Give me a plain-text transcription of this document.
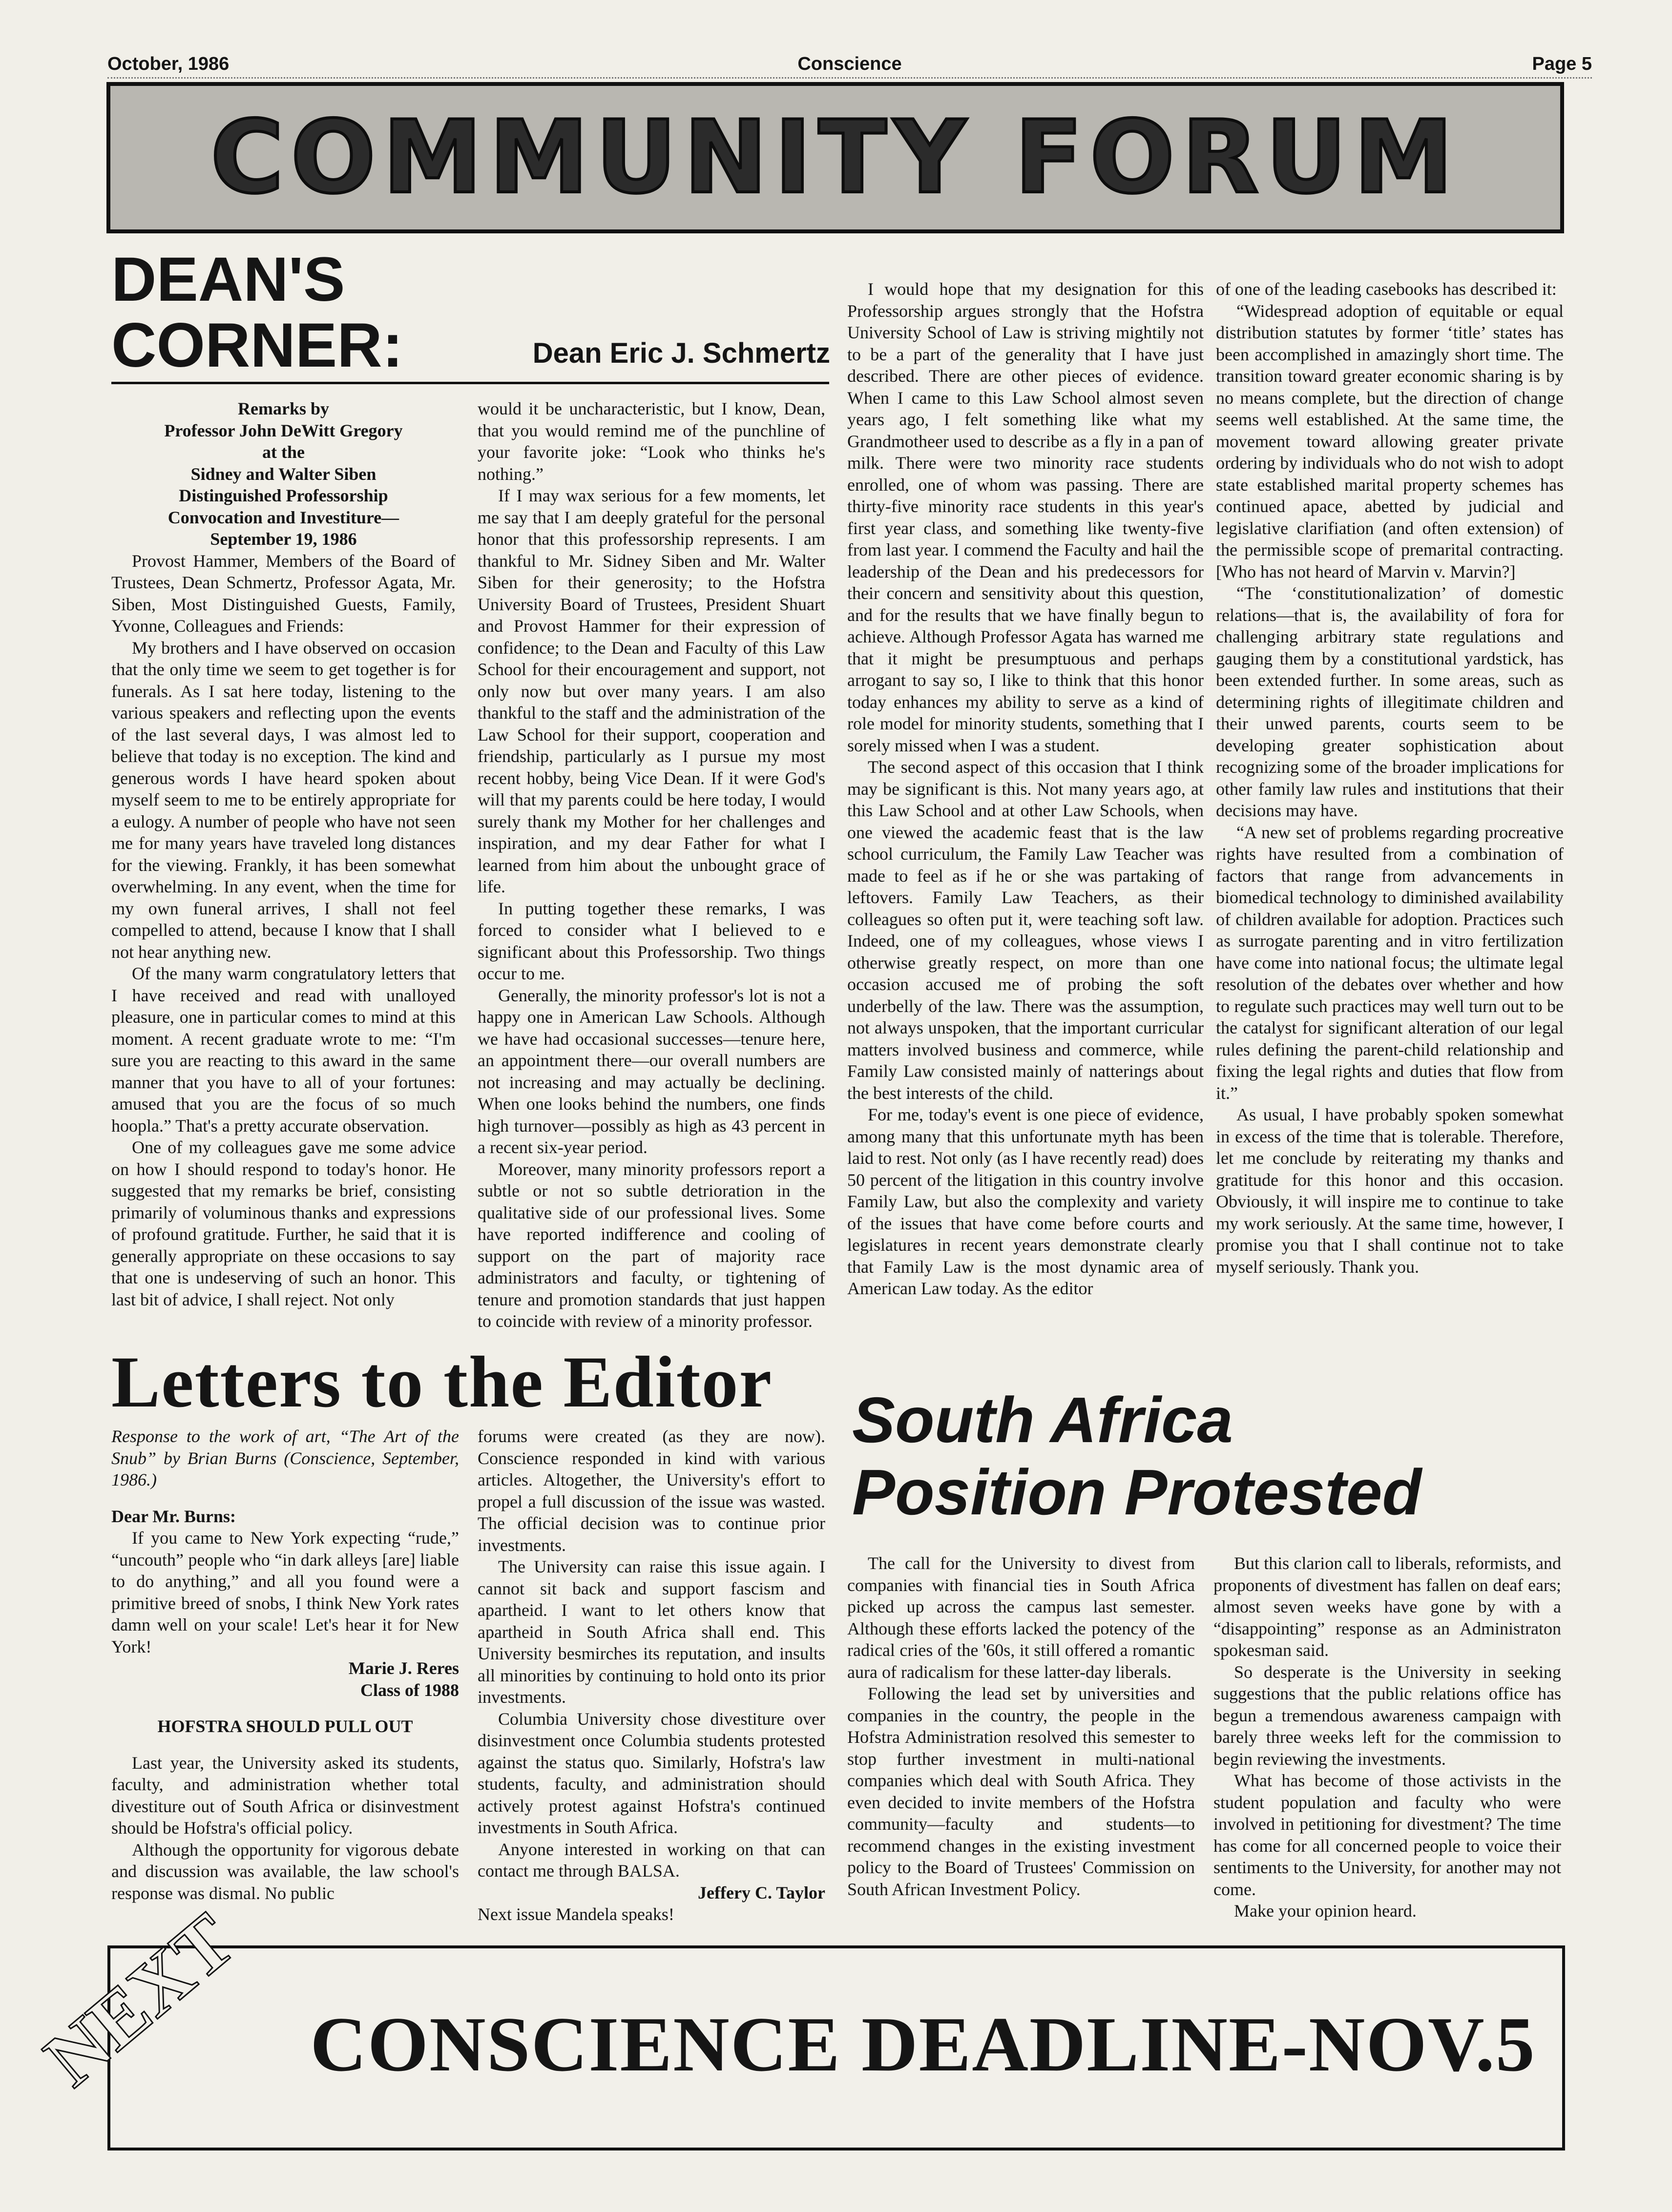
October, 1986	Conscience	Page 5
COMMUNITY FORUM
DEAN'S
CORNER:	Dean Eric J. Schmertz

Remarks by

Professor John DeWitt Gregory

at the

Sidney and Walter Siben

Distinguished Professorship

Convocation and Investiture—

September 19, 1986

Provost Hammer, Members of the Board of Trustees, Dean Schmertz, Professor Agata, Mr. Siben, Most Distinguished Guests, Family, Yvonne, Colleagues and Friends:

My brothers and I have observed on occasion that the only time we seem to get together is for funerals. As I sat here today, listening to the various speakers and reflecting upon the events of the last several days, I was almost led to believe that today is no exception. The kind and generous words I have heard spoken about myself seem to me to be entirely appropriate for a eulogy. A number of people who have not seen me for many years have traveled long distances for the viewing. Frankly, it has been somewhat overwhelming. In any event, when the time for my own funeral arrives, I shall not feel compelled to attend, because I know that I shall not hear anything new.

Of the many warm congratulatory letters that I have received and read with unalloyed pleasure, one in particular comes to mind at this moment. A recent graduate wrote to me: “I'm sure you are reacting to this award in the same manner that you have to all of your fortunes: amused that you are the focus of so much hoopla.” That's a pretty accurate observation.

One of my colleagues gave me some advice on how I should respond to today's honor. He suggested that my remarks be brief, consisting primarily of voluminous thanks and expressions of profound gratitude. Further, he said that it is generally appropriate on these occasions to say that one is undeserving of such an honor. This last bit of advice, I shall reject. Not only

would it be uncharacteristic, but I know, Dean, that you would remind me of the punchline of your favorite joke: “Look who thinks he's nothing.”

If I may wax serious for a few moments, let me say that I am deeply grateful for the personal honor that this professorship represents. I am thankful to Mr. Sidney Siben and Mr. Walter Siben for their generosity; to the Hofstra University Board of Trustees, President Shuart and Provost Hammer for their expression of confidence; to the Dean and Faculty of this Law School for their encouragement and support, not only now but over many years. I am also thankful to the staff and the administration of the Law School for their support, cooperation and friendship, particularly as I pursue my most recent hobby, being Vice Dean. If it were God's will that my parents could be here today, I would surely thank my Mother for her challenges and inspiration, and my dear Father for what I learned from him about the unbought grace of life.

In putting together these remarks, I was forced to consider what I believed to e significant about this Professorship. Two things occur to me.

Generally, the minority professor's lot is not a happy one in American Law Schools. Although we have had occasional successes—tenure here, an appointment there—our overall numbers are not increasing and may actually be declining. When one looks behind the numbers, one finds high turnover—possibly as high as 43 percent in a recent six-year period.

Moreover, many minority professors report a subtle or not so subtle detrioration in the qualitative side of our professional lives. Some have reported indifference and cooling of support on the part of majority race administrators and faculty, or tightening of tenure and promotion standards that just happen to coincide with review of a minority professor.

I would hope that my designation for this Professorship argues strongly that the Hofstra University School of Law is striving mightily not to be a part of the generality that I have just described. There are other pieces of evidence. When I came to this Law School almost seven years ago, I felt something like what my Grandmotheer used to describe as a fly in a pan of milk. There were two minority race students enrolled, one of whom was passing. There are thirty-five minority race students in this year's first year class, and something like twenty-five from last year. I commend the Faculty and hail the leadership of the Dean and his predecessors for their concern and sensitivity about this question, and for the results that we have finally begun to achieve. Although Professor Agata has warned me that it might be presumptuous and perhaps arrogant to say so, I like to think that this honor today enhances my ability to serve as a kind of role model for minority students, something that I sorely missed when I was a student.

The second aspect of this occasion that I think may be significant is this. Not many years ago, at this Law School and at other Law Schools, when one viewed the academic feast that is the law school curriculum, the Family Law Teacher was made to feel as if he or she was partaking of leftovers. Family Law Teachers, as their colleagues so often put it, were teaching soft law. Indeed, one of my colleagues, whose views I otherwise greatly respect, on more than one occasion accused me of probing the soft underbelly of the law. There was the assumption, not always unspoken, that the important curricular matters involved business and commerce, while Family Law consisted mainly of natterings about the best interests of the child.

For me, today's event is one piece of evidence, among many that this unfortunate myth has been laid to rest. Not only (as I have recently read) does 50 percent of the litigation in this country involve Family Law, but also the complexity and variety of the issues that have come before courts and legislatures in recent years demonstrate clearly that Family Law is the most dynamic area of American Law today. As the editor

of one of the leading casebooks has described it:

“Widespread adoption of equitable or equal distribution statutes by former ‘title’ states has been accomplished in amazingly short time. The transition toward greater economic sharing is by no means complete, but the direction of change seems well established. At the same time, the movement toward allowing greater private ordering by individuals who do not wish to adopt state established marital property schemes has continued apace, abetted by judicial and legislative clarifiation (and often extension) of the permissible scope of premarital contracting. [Who has not heard of Marvin v. Marvin?]

“The ‘constitutionalization’ of domestic relations—that is, the availability of fora for challenging arbitrary state regulations and gauging them by a constitutional yardstick, has been extended further. In some areas, such as determining rights of illegitimate children and their unwed parents, courts seem to be developing greater sophistication about recognizing some of the broader implications for other family law rules and institutions that their decisions may have.

“A new set of problems regarding procreative rights have resulted from a combination of factors that range from advancements in biomedical technology to diminished availability of children available for adoption. Practices such as surrogate parenting and in vitro fertilization have come into national focus; the ultimate legal resolution of the debates over whether and how to regulate such practices may well turn out to be the catalyst for significant alteration of our legal rules defining the parent-child relationship and fixing the legal rights and duties that flow from it.”

As usual, I have probably spoken somewhat in excess of the time that is tolerable. Therefore, let me conclude by reiterating my thanks and gratitude for this honor and this occasion. Obviously, it will inspire me to continue to take my work seriously. At the same time, however, I promise you that I shall continue not to take myself seriously. Thank you.

Letters to the Editor

Response to the work of art, “The Art of the Snub” by Brian Burns (Conscience, September, 1986.)

Dear Mr. Burns:

If you came to New York expecting “rude,” “uncouth” people who “in dark alleys [are] liable to do anything,” and all you found were a primitive breed of snobs, I think New York rates damn well on your scale! Let's hear it for New York!

Marie J. Reres

Class of 1988

HOFSTRA SHOULD PULL OUT

Last year, the University asked its students, faculty, and administration whether total divestiture out of South Africa or disinvestment should be Hofstra's official policy.

Although the opportunity for vigorous debate and discussion was available, the law school's response was dismal. No public

forums were created (as they are now). Conscience responded in kind with various articles. Altogether, the University's effort to propel a full discussion of the issue was wasted. The official decision was to continue prior investments.

The University can raise this issue again. I cannot sit back and support fascism and apartheid. I want to let others know that apartheid in South Africa shall end. This University besmirches its reputation, and insults all minorities by continuing to hold onto its prior investments.

Columbia University chose divestiture over disinvestment once Columbia students protested against the status quo. Similarly, Hofstra's law students, faculty, and administration should actively protest against Hofstra's continued investments in South Africa.

Anyone interested in working on that can contact me through BALSA.

Jeffery C. Taylor

Next issue Mandela speaks!

South Africa
Position Protested

The call for the University to divest from companies with financial ties in South Africa picked up across the campus last semester. Although these efforts lacked the potency of the radical cries of the '60s, it still offered a romantic aura of radicalism for these latter-day liberals.

Following the lead set by universities and companies in the country, the people in the Hofstra Administration resolved this semester to stop further investment in multi-national companies which deal with South Africa. They even decided to invite members of the Hofstra community—faculty and students—to recommend changes in the existing investment policy to the Board of Trustees' Commission on South African Investment Policy.

But this clarion call to liberals, reformists, and proponents of divestment has fallen on deaf ears; almost seven weeks have gone by with a “disappointing” response as an Administraton spokesman said.

So desperate is the University in seeking suggestions that the public relations office has begun a tremendous awareness campaign with barely three weeks left for the commission to begin reviewing the investments.

What has become of those activists in the student population and faculty who were involved in petitioning for divestment? The time has come for all concerned people to voice their sentiments to the University, for another may not come.

Make your opinion heard.

NEXT CONSCIENCE DEADLINE-NOV.5
